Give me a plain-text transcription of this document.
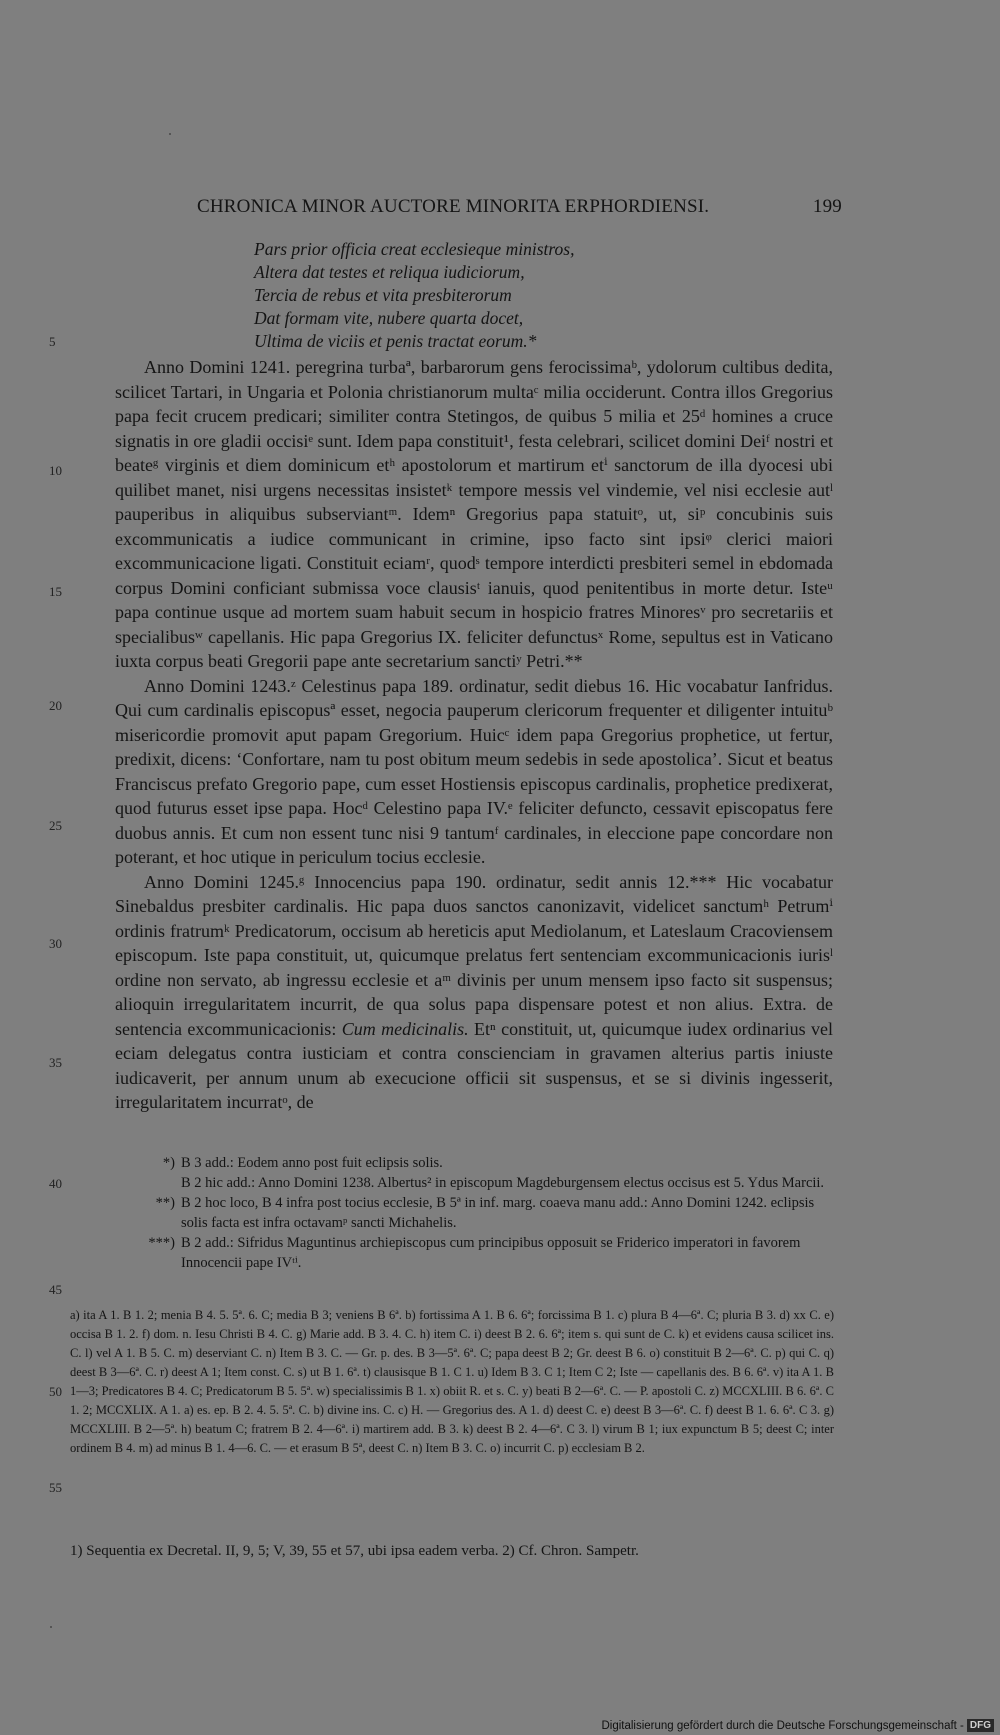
CHRONICA MINOR AUCTORE MINORITA ERPHORDIENSI.	199
Pars prior officia creat ecclesieque ministros,
Altera dat testes et reliqua iudiciorum,
Tercia de rebus et vita presbiterorum
Dat formam vite, nubere quarta docet,
Ultima de viciis et penis tractat eorum.*
5
10
15
20
25
30
35
40
45
50
55

Anno Domini 1241. peregrina turbaª, barbarorum gens ferocissimaᵇ, ydolorum cultibus dedita, scilicet Tartari, in Ungaria et Polonia christianorum multaᶜ milia occiderunt. Contra illos Gregorius papa fecit crucem predicari; similiter contra Stetingos, de quibus 5 milia et 25ᵈ homines a cruce signatis in ore gladii occisiᵉ sunt. Idem papa constituit¹, festa celebrari, scilicet domini Deiᶠ nostri et beateᵍ virginis et diem dominicum etʰ apostolorum et martirum etⁱ sanctorum de illa dyocesi ubi quilibet manet, nisi urgens necessitas insistetᵏ tempore messis vel vindemie, vel nisi ecclesie autˡ pauperibus in aliquibus subserviantᵐ. Idemⁿ Gregorius papa statuitᵒ, ut, siᵖ concubinis suis excommunicatis a iudice communicant in crimine, ipso facto sint ipsiᵠ clerici maiori excommunicacione ligati. Constituit eciamʳ, quodˢ tempore interdicti presbiteri semel in ebdomada corpus Domini conficiant submissa voce clausisᵗ ianuis, quod penitentibus in morte detur. Isteᵘ papa continue usque ad mortem suam habuit secum in hospicio fratres Minoresᵛ pro secretariis et specialibusʷ capellanis. Hic papa Gregorius IX. feliciter defunctusˣ Rome, sepultus est in Vaticano iuxta corpus beati Gregorii pape ante secretarium sanctiʸ Petri.**

Anno Domini 1243.ᶻ Celestinus papa 189. ordinatur, sedit diebus 16. Hic vocabatur Ianfridus. Qui cum cardinalis episcopusª esset, negocia pauperum clericorum frequenter et diligenter intuituᵇ misericordie promovit aput papam Gregorium. Huicᶜ idem papa Gregorius prophetice, ut fertur, predixit, dicens: ‘Confortare, nam tu post obitum meum sedebis in sede apostolica’. Sicut et beatus Franciscus prefato Gregorio pape, cum esset Hostiensis episcopus cardinalis, prophetice predixerat, quod futurus esset ipse papa. Hocᵈ Celestino papa IV.ᵉ feliciter defuncto, cessavit episcopatus fere duobus annis. Et cum non essent tunc nisi 9 tantumᶠ cardinales, in eleccione pape concordare non poterant, et hoc utique in periculum tocius ecclesie.

Anno Domini 1245.ᵍ Innocencius papa 190. ordinatur, sedit annis 12.*** Hic vocabatur Sinebaldus presbiter cardinalis. Hic papa duos sanctos canonizavit, videlicet sanctumʰ Petrumⁱ ordinis fratrumᵏ Predicatorum, occisum ab hereticis aput Mediolanum, et Lateslaum Cracoviensem episcopum. Iste papa constituit, ut, quicumque prelatus fert sentenciam excommunicacionis iurisˡ ordine non servato, ab ingressu ecclesie et aᵐ divinis per unum mensem ipso facto sit suspensus; alioquin irregularitatem incurrit, de qua solus papa dispensare potest et non alius. Extra. de sentencia excommunicacionis: Cum medicinalis. Etⁿ constituit, ut, quicumque iudex ordinarius vel eciam delegatus contra iusticiam et contra conscienciam in gravamen alterius partis iniuste iudicaverit, per annum unum ab execucione officii sit suspensus, et se si divinis ingesserit, irregularitatem incurratᵒ, de

*) B 3 add.: Eodem anno post fuit eclipsis solis.
B 2 hic add.: Anno Domini 1238. Albertus² in episcopum Magdeburgensem electus occisus est 5. Ydus Marcii.
**) B 2 hoc loco, B 4 infra post tocius ecclesie, B 5ª in inf. marg. coaeva manu add.: Anno Domini 1242. eclipsis solis facta est infra octavamᵖ sancti Michahelis.
***) B 2 add.: Sifridus Maguntinus archiepiscopus cum principibus opposuit se Friderico imperatori in favorem Innocencii pape IVᵗⁱ.
a) ita A 1. B 1. 2; menia B 4. 5. 5ª. 6. C; media B 3; veniens B 6ª. b) fortissima A 1. B 6. 6ª; forcissima B 1. c) plura B 4—6ª. C; pluria B 3. d) xx C. e) occisa B 1. 2. f) dom. n. Iesu Christi B 4. C. g) Marie add. B 3. 4. C. h) item C. i) deest B 2. 6. 6ª; item s. qui sunt de C. k) et evidens causa scilicet ins. C. l) vel A 1. B 5. C. m) deserviant C. n) Item B 3. C. — Gr. p. des. B 3—5ª. 6ª. C; papa deest B 2; Gr. deest B 6. o) constituit B 2—6ª. C. p) qui C. q) deest B 3—6ª. C. r) deest A 1; Item const. C. s) ut B 1. 6ª. t) clausisque B 1. C 1. u) Idem B 3. C 1; Item C 2; Iste — capellanis des. B 6. 6ª. v) ita A 1. B 1—3; Predicatores B 4. C; Predicatorum B 5. 5ª. w) specialissimis B 1. x) obiit R. et s. C. y) beati B 2—6ª. C. — P. apostoli C. z) MCCXLIII. B 6. 6ª. C 1. 2; MCCXLIX. A 1. a) es. ep. B 2. 4. 5. 5ª. C. b) divine ins. C. c) H. — Gregorius des. A 1. d) deest C. e) deest B 3—6ª. C. f) deest B 1. 6. 6ª. C 3. g) MCCXLIII. B 2—5ª. h) beatum C; fratrem B 2. 4—6ª. i) martirem add. B 3. k) deest B 2. 4—6ª. C 3. l) virum B 1; iux expunctum B 5; deest C; inter ordinem B 4. m) ad minus B 1. 4—6. C. — et erasum B 5ª, deest C. n) Item B 3. C. o) incurrit C. p) ecclesiam B 2.
1) Sequentia ex Decretal. II, 9, 5; V, 39, 55 et 57, ubi ipsa eadem verba. 2) Cf. Chron. Sampetr.
Digitalisierung gefördert durch die Deutsche Forschungsgemeinschaft - DFG
